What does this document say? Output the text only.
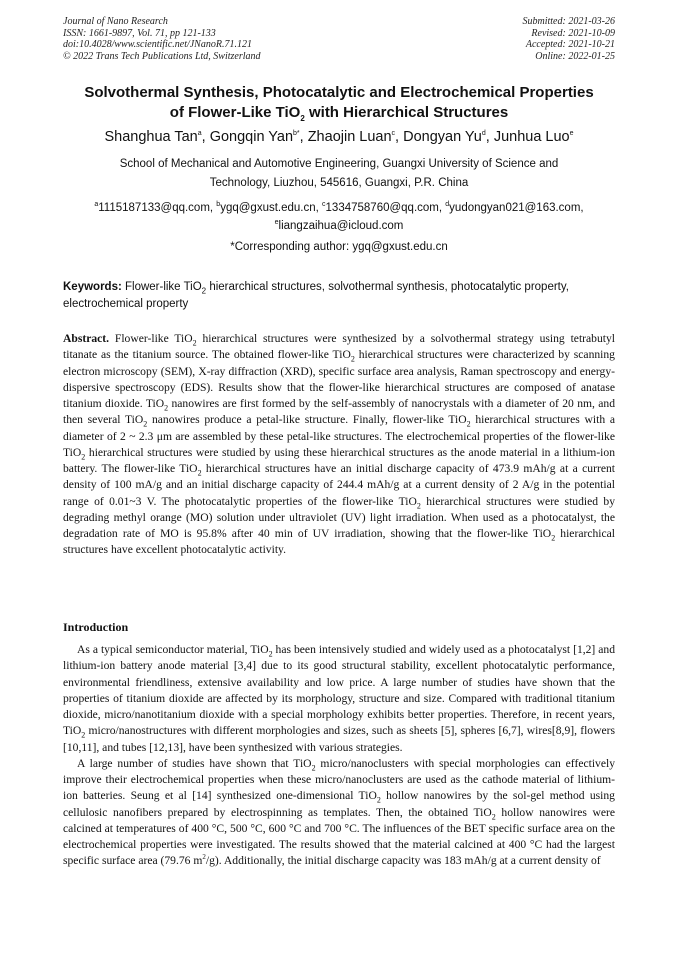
Journal of Nano Research
ISSN: 1661-9897, Vol. 71, pp 121-133
doi:10.4028/www.scientific.net/JNanoR.71.121
© 2022 Trans Tech Publications Ltd, Switzerland
Submitted: 2021-03-26
Revised: 2021-10-09
Accepted: 2021-10-21
Online: 2022-01-25
Solvothermal Synthesis, Photocatalytic and Electrochemical Properties
of Flower-Like TiO$_2$ with Hierarchical Structures
Shanghua Tan$^a$, Gongqin Yan$^{b*}$, Zhaojin Luan$^c$, Dongyan Yu$^d$, Junhua Luo$^e$
School of Mechanical and Automotive Engineering, Guangxi University of Science and
Technology, Liuzhou, 545616, Guangxi, P.R. China
$^a$1115187133@qq.com, $^b$ygq@gxust.edu.cn, $^c$1334758760@qq.com, $^d$yudongyan021@163.com,
$^e$liangzaihua@icloud.com
*Corresponding author: ygq@gxust.edu.cn
Keywords: Flower-like TiO$_2$ hierarchical structures, solvothermal synthesis, photocatalytic property, electrochemical property
Abstract. Flower-like TiO$_2$ hierarchical structures were synthesized by a solvothermal strategy using tetrabutyl titanate as the titanium source. The obtained flower-like TiO$_2$ hierarchical structures were characterized by scanning electron microscopy (SEM), X-ray diffraction (XRD), specific surface area analysis, Raman spectroscopy and energy-dispersive spectroscopy (EDS). Results show that the flower-like hierarchical structures are composed of anatase titanium dioxide. TiO$_2$ nanowires are first formed by the self-assembly of nanocrystals with a diameter of 20 nm, and then several TiO$_2$ nanowires produce a petal-like structure. Finally, flower-like TiO$_2$ hierarchical structures with a diameter of 2 ~ 2.3 μm are assembled by these petal-like structures. The electrochemical properties of the flower-like TiO$_2$ hierarchical structures were studied by using these hierarchical structures as the anode material in a lithium-ion battery. The flower-like TiO$_2$ hierarchical structures have an initial discharge capacity of 473.9 mAh/g at a current density of 100 mA/g and an initial discharge capacity of 244.4 mAh/g at a current density of 2 A/g in the potential range of 0.01~3 V. The photocatalytic properties of the flower-like TiO$_2$ hierarchical structures were studied by degrading methyl orange (MO) solution under ultraviolet (UV) light irradiation. When used as a photocatalyst, the degradation rate of MO is 95.8% after 40 min of UV irradiation, showing that the flower-like TiO$_2$ hierarchical structures have excellent photocatalytic activity.
Introduction

As a typical semiconductor material, TiO$_2$ has been intensively studied and widely used as a photocatalyst [1,2] and lithium-ion battery anode material [3,4] due to its good structural stability, excellent photocatalytic performance, environmental friendliness, extensive availability and low price. A large number of studies have shown that the properties of titanium dioxide are affected by its morphology, structure and size. Compared with traditional titanium dioxide, micro/nanotitanium dioxide with a special morphology exhibits better properties. Therefore, in recent years, TiO$_2$ micro/nanostructures with different morphologies and sizes, such as sheets [5], spheres [6,7], wires[8,9], flowers [10,11], and tubes [12,13], have been synthesized with various strategies.

A large number of studies have shown that TiO$_2$ micro/nanoclusters with special morphologies can effectively improve their electrochemical properties when these micro/nanoclusters are used as the cathode material of lithium-ion batteries. Seung et al [14] synthesized one-dimensional TiO$_2$ hollow nanowires by the sol-gel method using cellulosic nanofibers prepared by electrospinning as templates. Then, the obtained TiO$_2$ hollow nanowires were calcined at temperatures of 400 °C, 500 °C, 600 °C and 700 °C. The influences of the BET specific surface area on the electrochemical properties were investigated. The results showed that the material calcined at 400 °C had the largest specific surface area (79.76 $m^2/g$). Additionally, the initial discharge capacity was 183 mAh/g at a current density of
